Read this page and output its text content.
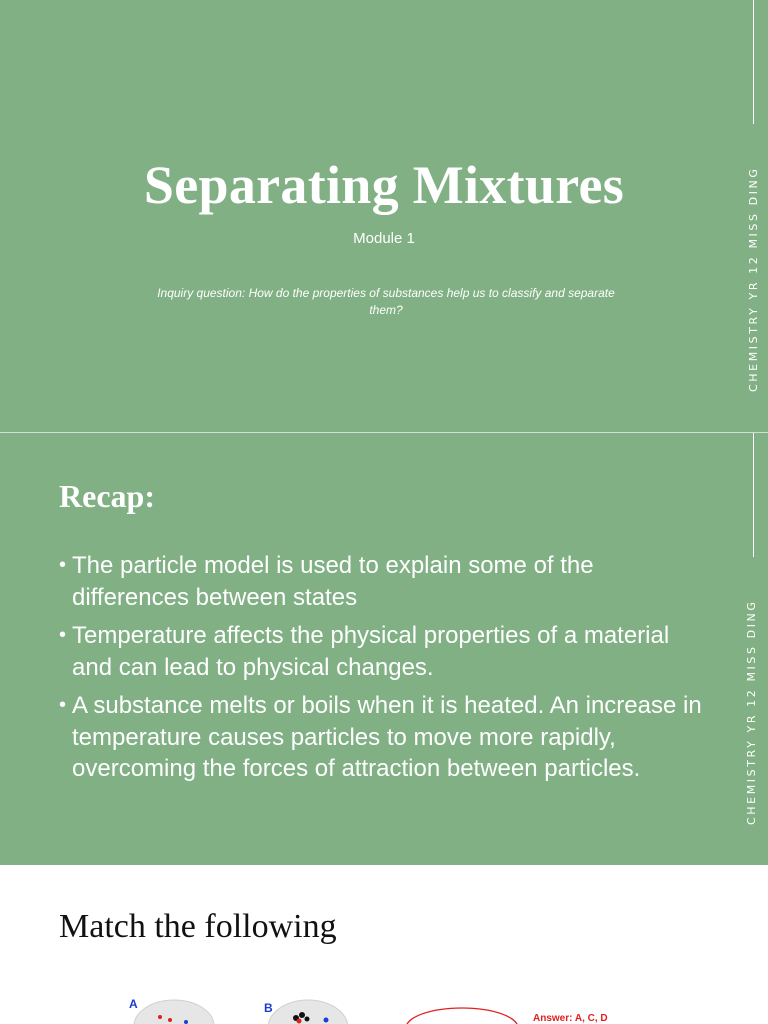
CHEMISTRY YR 12 MISS DING
Separating Mixtures
Module 1
Inquiry question: How do the properties of substances help us to classify and separate them?
CHEMISTRY YR 12 MISS DING
Recap:
• The particle model is used to explain some of the differences between states
• Temperature affects the physical properties of a material and can lead to physical changes.
• A substance melts or boils when it is heated. An increase in temperature causes particles to move more rapidly, overcoming the forces of attraction between particles.
Match the following
A	B
Answer: A, C, D
